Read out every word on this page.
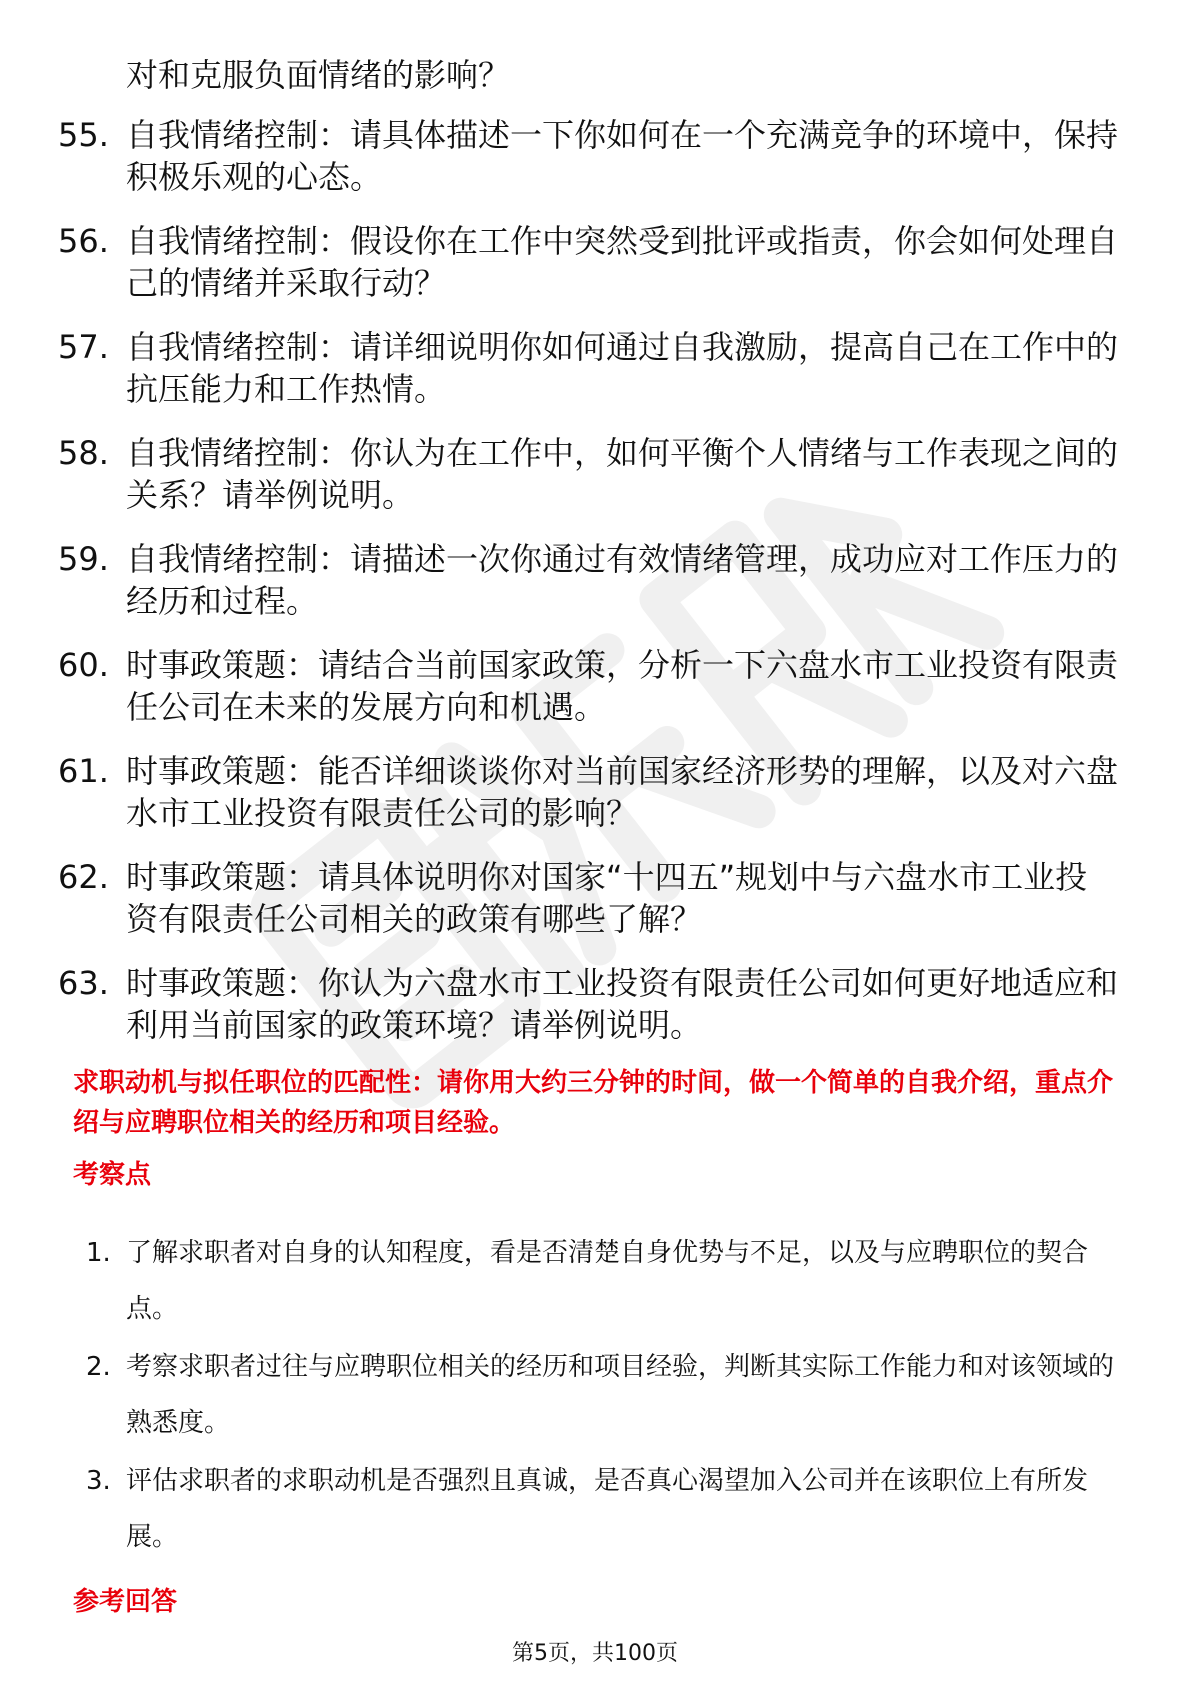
对和克服负面情绪的影响？
55. 自我情绪控制：请具体描述一下你如何在一个充满竞争的环境中，保持积极乐观的心态。
56. 自我情绪控制：假设你在工作中突然受到批评或指责，你会如何处理自己的情绪并采取行动？
57. 自我情绪控制：请详细说明你如何通过自我激励，提高自己在工作中的抗压能力和工作热情。
58. 自我情绪控制：你认为在工作中，如何平衡个人情绪与工作表现之间的关系？请举例说明。
59. 自我情绪控制：请描述一次你通过有效情绪管理，成功应对工作压力的经历和过程。
60. 时事政策题：请结合当前国家政策，分析一下六盘水市工业投资有限责任公司在未来的发展方向和机遇。
61. 时事政策题：能否详细谈谈你对当前国家经济形势的理解，以及对六盘水市工业投资有限责任公司的影响？
62. 时事政策题：请具体说明你对国家“十四五”规划中与六盘水市工业投资有限责任公司相关的政策有哪些了解？
63. 时事政策题：你认为六盘水市工业投资有限责任公司如何更好地适应和利用当前国家的政策环境？请举例说明。
求职动机与拟任职位的匹配性：请你用大约三分钟的时间，做一个简单的自我介绍，重点介绍与应聘职位相关的经历和项目经验。
考察点
1. 了解求职者对自身的认知程度，看是否清楚自身优势与不足，以及与应聘职位的契合点。
2. 考察求职者过往与应聘职位相关的经历和项目经验，判断其实际工作能力和对该领域的熟悉度。
3. 评估求职者的求职动机是否强烈且真诚，是否真心渴望加入公司并在该职位上有所发展。
参考回答
第5页，共100页
